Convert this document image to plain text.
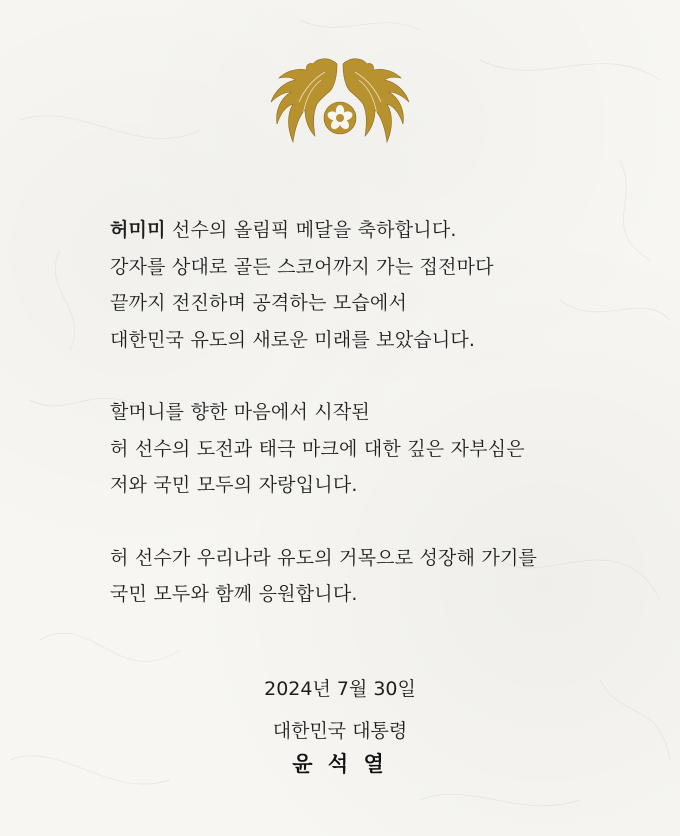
허미미 선수의 올림픽 메달을 축하합니다.
강자를 상대로 골든 스코어까지 가는 접전마다
끝까지 전진하며 공격하는 모습에서
대한민국 유도의 새로운 미래를 보았습니다.

할머니를 향한 마음에서 시작된
허 선수의 도전과 태극 마크에 대한 깊은 자부심은
저와 국민 모두의 자랑입니다.

허 선수가 우리나라 유도의 거목으로 성장해 가기를
국민 모두와 함께 응원합니다.

2024년 7월 30일
대한민국 대통령
윤 석 열
